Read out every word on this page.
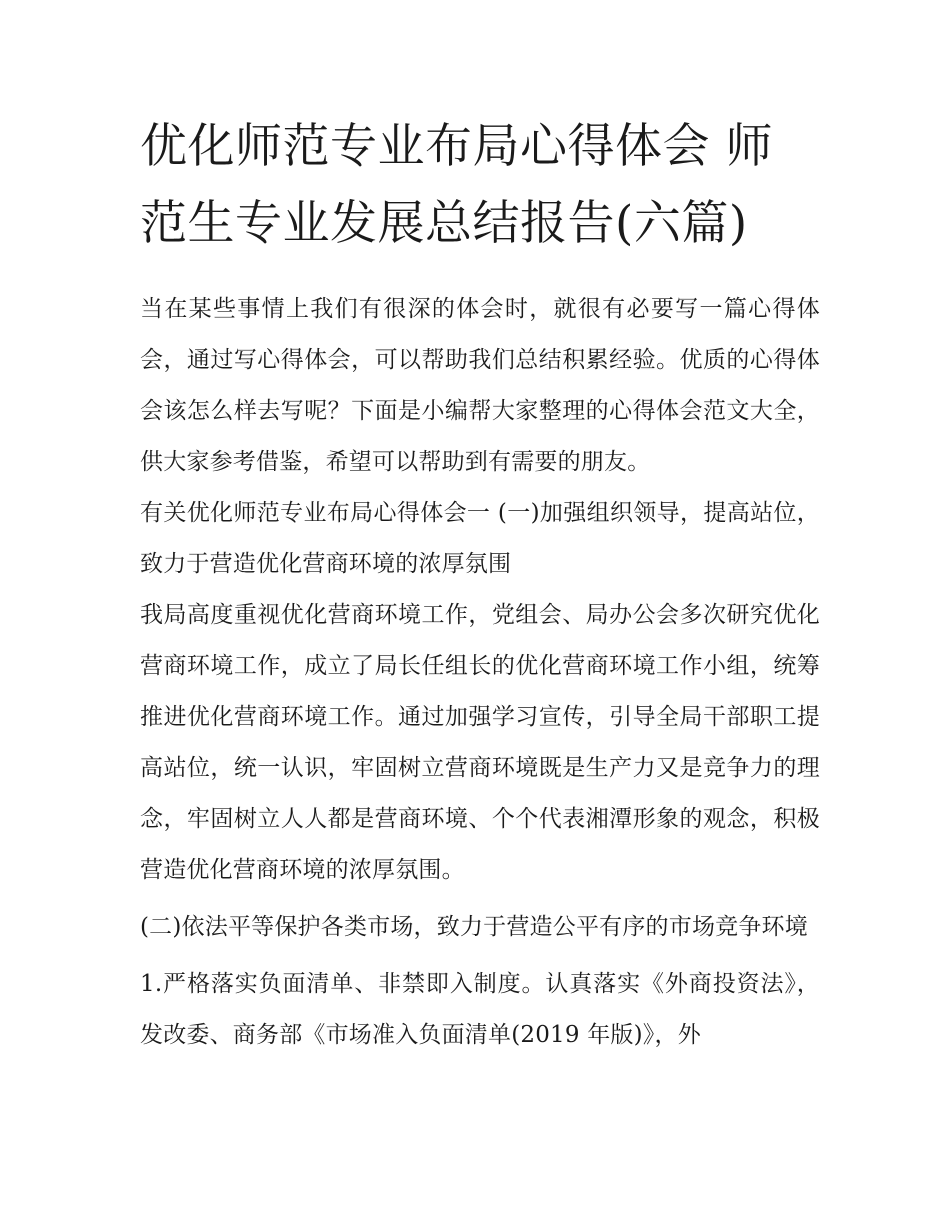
优化师范专业布局心得体会 师范生专业发展总结报告(六篇)

当在某些事情上我们有很深的体会时，就很有必要写一篇心得体会，通过写心得体会，可以帮助我们总结积累经验。优质的心得体会该怎么样去写呢？下面是小编帮大家整理的心得体会范文大全，供大家参考借鉴，希望可以帮助到有需要的朋友。

有关优化师范专业布局心得体会一 (一)加强组织领导，提高站位，致力于营造优化营商环境的浓厚氛围

我局高度重视优化营商环境工作，党组会、局办公会多次研究优化营商环境工作，成立了局长任组长的优化营商环境工作小组，统筹推进优化营商环境工作。通过加强学习宣传，引导全局干部职工提高站位，统一认识，牢固树立营商环境既是生产力又是竞争力的理念，牢固树立人人都是营商环境、个个代表湘潭形象的观念，积极营造优化营商环境的浓厚氛围。

(二)依法平等保护各类市场，致力于营造公平有序的市场竞争环境

1.严格落实负面清单、非禁即入制度。认真落实《外商投资法》，发改委、商务部《市场准入负面清单(2019 年版)》，外
